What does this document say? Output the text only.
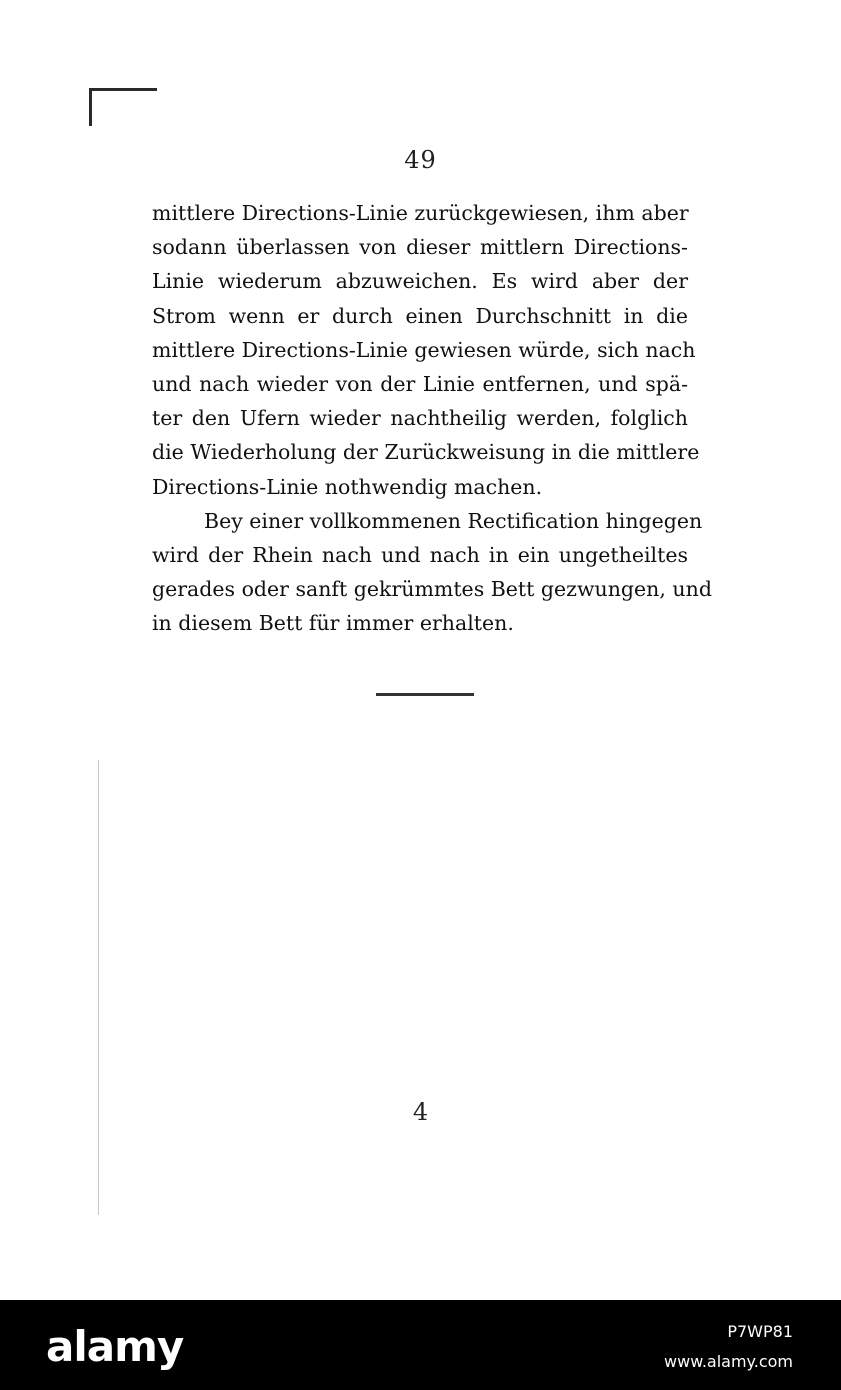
49
mittlere Directions-Linie zurückgewiesen, ihm aber
sodann überlassen von dieser mittlern Directions-
Linie wiederum abzuweichen. Es wird aber der
Strom wenn er durch einen Durchschnitt in die
mittlere Directions-Linie gewiesen würde, sich nach
und nach wieder von der Linie entfernen, und spä-
ter den Ufern wieder nachtheilig werden, folglich
die Wiederholung der Zurückweisung in die mittlere
Directions-Linie nothwendig machen.
Bey einer vollkommenen Rectification hingegen
wird der Rhein nach und nach in ein ungetheiltes
gerades oder sanft gekrümmtes Bett gezwungen, und
in diesem Bett für immer erhalten.
4
alamy	P7WP81
www.alamy.com
